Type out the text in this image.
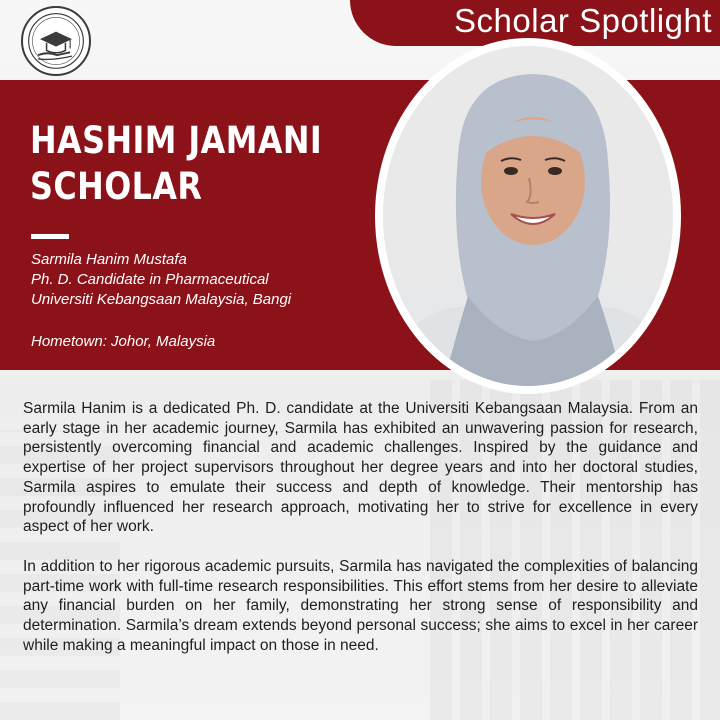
Scholar Spotlight
HASHIM JAMANI
SCHOLAR
Sarmila Hanim Mustafa
Ph. D. Candidate in Pharmaceutical
Universiti Kebangsaan Malaysia, Bangi
Hometown: Johor, Malaysia

Sarmila Hanim is a dedicated Ph. D. candidate at the Universiti Kebangsaan Malaysia. From an early stage in her academic journey, Sarmila has exhibited an unwavering passion for research, persistently overcoming financial and academic challenges. Inspired by the guidance and expertise of her project supervisors throughout her degree years and into her doctoral studies, Sarmila aspires to emulate their success and depth of knowledge. Their mentorship has profoundly influenced her research approach, motivating her to strive for excellence in every aspect of her work.

In addition to her rigorous academic pursuits, Sarmila has navigated the complexities of balancing part-time work with full-time research responsibilities. This effort stems from her desire to alleviate any financial burden on her family, demonstrating her strong sense of responsibility and determination. Sarmila’s dream extends beyond personal success; she aims to excel in her career while making a meaningful impact on those in need.
